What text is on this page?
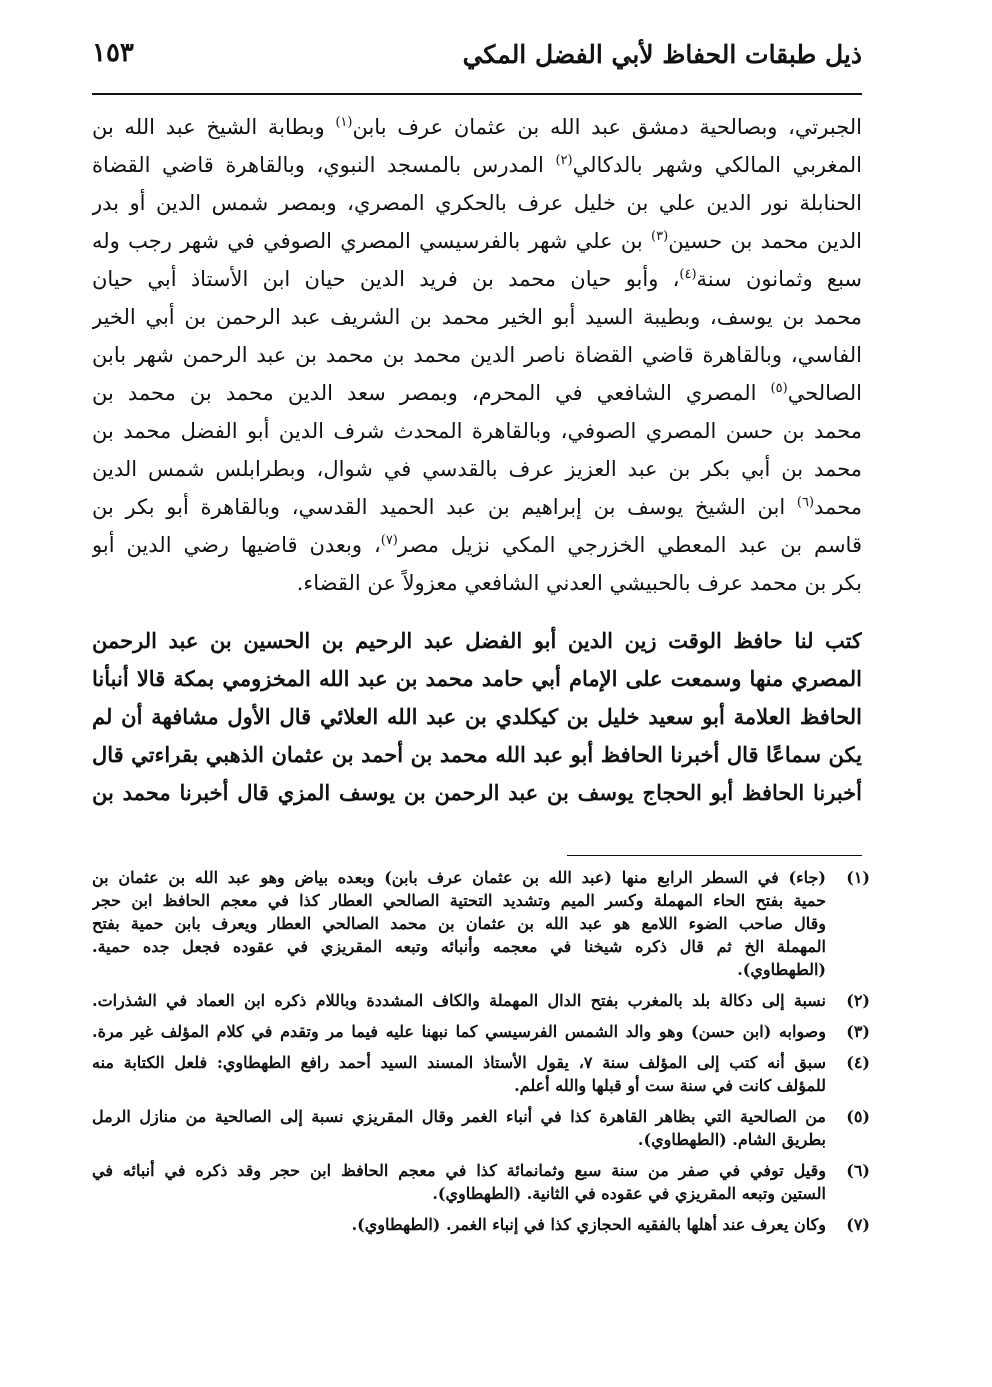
ذيل طبقات الحفاظ لأبي الفضل المكي
١٥٣
الجبرتي، وبصالحية دمشق عبد الله بن عثمان عرف بابن$^{(١)}$ وبطابة الشيخ عبد الله بن
المغربي المالكي وشهر بالدكالي$^{(٢)}$ المدرس بالمسجد النبوي، وبالقاهرة قاضي القضاة
الحنابلة نور الدين علي بن خليل عرف بالحكري المصري، وبمصر شمس الدين أو بدر
الدين محمد بن حسين$^{(٣)}$ بن علي شهر بالفرسيسي المصري الصوفي في شهر رجب وله
سبع وثمانون سنة$^{(٤)}$، وأبو حيان محمد بن فريد الدين حيان ابن الأستاذ أبي حيان
محمد بن يوسف، وبطيبة السيد أبو الخير محمد بن الشريف عبد الرحمن بن أبي الخير
الفاسي، وبالقاهرة قاضي القضاة ناصر الدين محمد بن محمد بن عبد الرحمن شهر بابن
الصالحي$^{(٥)}$ المصري الشافعي في المحرم، وبمصر سعد الدين محمد بن محمد بن
محمد بن حسن المصري الصوفي، وبالقاهرة المحدث شرف الدين أبو الفضل محمد بن
محمد بن أبي بكر بن عبد العزيز عرف بالقدسي في شوال، وبطرابلس شمس الدين
محمد$^{(٦)}$ ابن الشيخ يوسف بن إبراهيم بن عبد الحميد القدسي، وبالقاهرة أبو بكر بن
قاسم بن عبد المعطي الخزرجي المكي نزيل مصر$^{(٧)}$، وبعدن قاضيها رضي الدين أبو
بكر بن محمد عرف بالحبيشي العدني الشافعي معزولاً عن القضاء.
كتب لنا حافظ الوقت زين الدين أبو الفضل عبد الرحيم بن الحسين بن عبد الرحمن
المصري منها وسمعت على الإمام أبي حامد محمد بن عبد الله المخزومي بمكة قالا أنبأنا
الحافظ العلامة أبو سعيد خليل بن كيكلدي بن عبد الله العلائي قال الأول مشافهة أن لم
يكن سماعًا قال أخبرنا الحافظ أبو عبد الله محمد بن أحمد بن عثمان الذهبي بقراءتي قال
أخبرنا الحافظ أبو الحجاج يوسف بن عبد الرحمن بن يوسف المزي قال أخبرنا محمد بن
(١)
(جاء) في السطر الرابع منها (عبد الله بن عثمان عرف بابن) وبعده بياض وهو عبد الله بن عثمان بن
حمية بفتح الحاء المهملة وكسر الميم وتشديد التحتية الصالحي العطار كذا في معجم الحافظ ابن حجر
وقال صاحب الضوء اللامع هو عبد الله بن عثمان بن محمد الصالحي العطار ويعرف بابن حمية بفتح
المهملة الخ ثم قال ذكره شيخنا في معجمه وأنبائه وتبعه المقريزي في عقوده فجعل جده حمية.
(الطهطاوي).
(٢)
نسبة إلى دكالة بلد بالمغرب بفتح الدال المهملة والكاف المشددة وباللام ذكره ابن العماد في الشذرات.
(٣)
وصوابه (ابن حسن) وهو والد الشمس الفرسيسي كما نبهنا عليه فيما مر وتقدم في كلام المؤلف غير مرة.
(٤)
سبق أنه كتب إلى المؤلف سنة ٧، يقول الأستاذ المسند السيد أحمد رافع الطهطاوي: فلعل الكتابة منه
للمؤلف كانت في سنة ست أو قبلها والله أعلم.
(٥)
من الصالحية التي بظاهر القاهرة كذا في أنباء الغمر وقال المقريزي نسبة إلى الصالحية من منازل الرمل
بطريق الشام. (الطهطاوي).
(٦)
وقيل توفي في صفر من سنة سبع وثمانمائة كذا في معجم الحافظ ابن حجر وقد ذكره في أنبائه في
الستين وتبعه المقريزي في عقوده في الثانية. (الطهطاوي).
(٧)
وكان يعرف عند أهلها بالفقيه الحجازي كذا في إنباء الغمر. (الطهطاوي).
